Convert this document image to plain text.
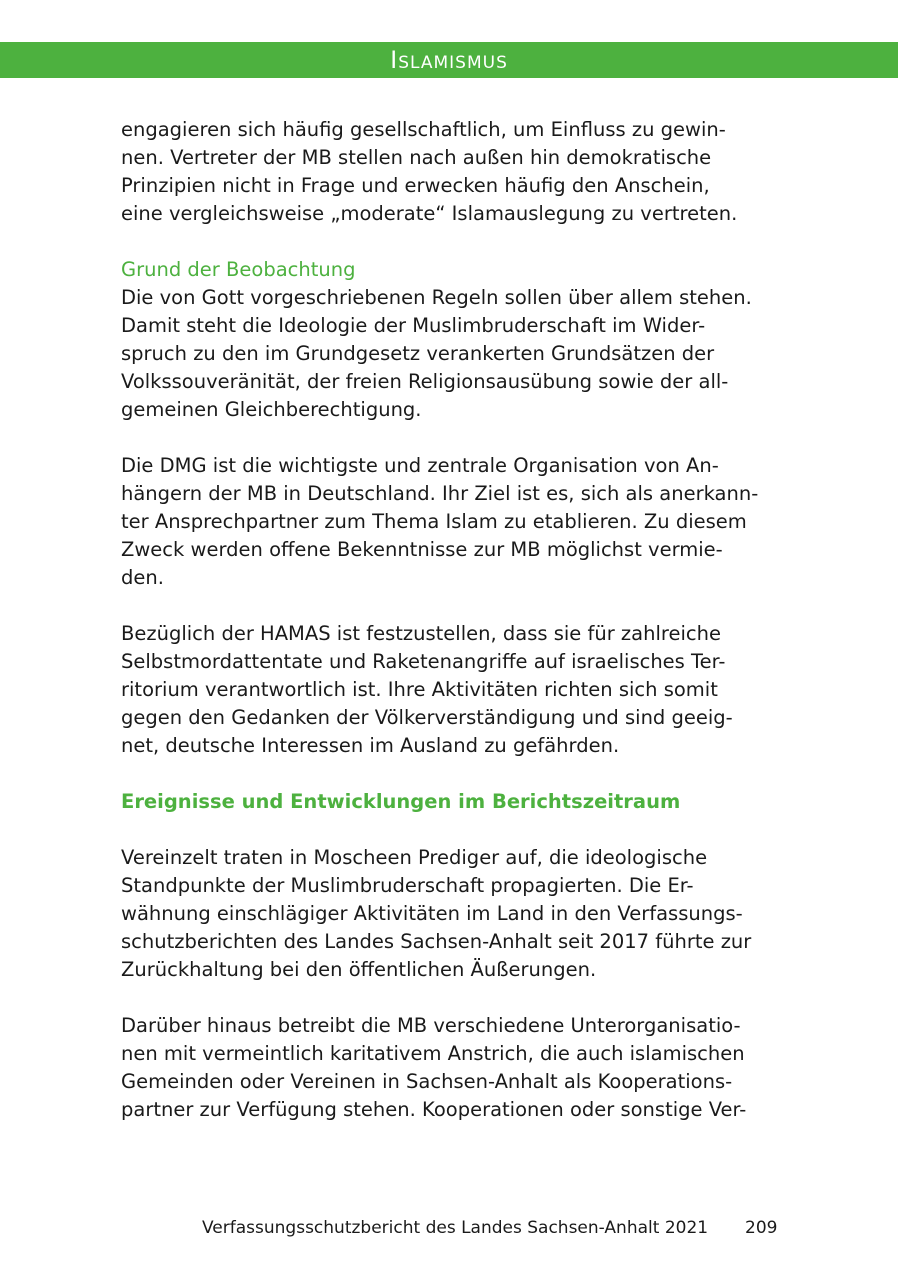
Islamismus
engagieren sich häufig gesellschaftlich, um Einfluss zu gewin-
nen. Vertreter der MB stellen nach außen hin demokratische
Prinzipien nicht in Frage und erwecken häufig den Anschein,
eine vergleichsweise „moderate“ Islamauslegung zu vertreten.
Grund der Beobachtung
Die von Gott vorgeschriebenen Regeln sollen über allem stehen.
Damit steht die Ideologie der Muslimbruderschaft im Wider-
spruch zu den im Grundgesetz verankerten Grundsätzen der
Volkssouveränität, der freien Religionsausübung sowie der all-
gemeinen Gleichberechtigung.
Die DMG ist die wichtigste und zentrale Organisation von An-
hängern der MB in Deutschland. Ihr Ziel ist es, sich als anerkann-
ter Ansprechpartner zum Thema Islam zu etablieren. Zu diesem
Zweck werden offene Bekenntnisse zur MB möglichst vermie-
den.
Bezüglich der HAMAS ist festzustellen, dass sie für zahlreiche
Selbstmordattentate und Raketenangriffe auf israelisches Ter-
ritorium verantwortlich ist. Ihre Aktivitäten richten sich somit
gegen den Gedanken der Völkerverständigung und sind geeig-
net, deutsche Interessen im Ausland zu gefährden.
Ereignisse und Entwicklungen im Berichtszeitraum
Vereinzelt traten in Moscheen Prediger auf, die ideologische
Standpunkte der Muslimbruderschaft propagierten. Die Er-
wähnung einschlägiger Aktivitäten im Land in den Verfassungs-
schutzberichten des Landes Sachsen-Anhalt seit 2017 führte zur
Zurückhaltung bei den öffentlichen Äußerungen.
Darüber hinaus betreibt die MB verschiedene Unterorganisatio-
nen mit vermeintlich karitativem Anstrich, die auch islamischen
Gemeinden oder Vereinen in Sachsen-Anhalt als Kooperations-
partner zur Verfügung stehen. Kooperationen oder sonstige Ver-
Verfassungsschutzbericht des Landes Sachsen-Anhalt 2021 209
